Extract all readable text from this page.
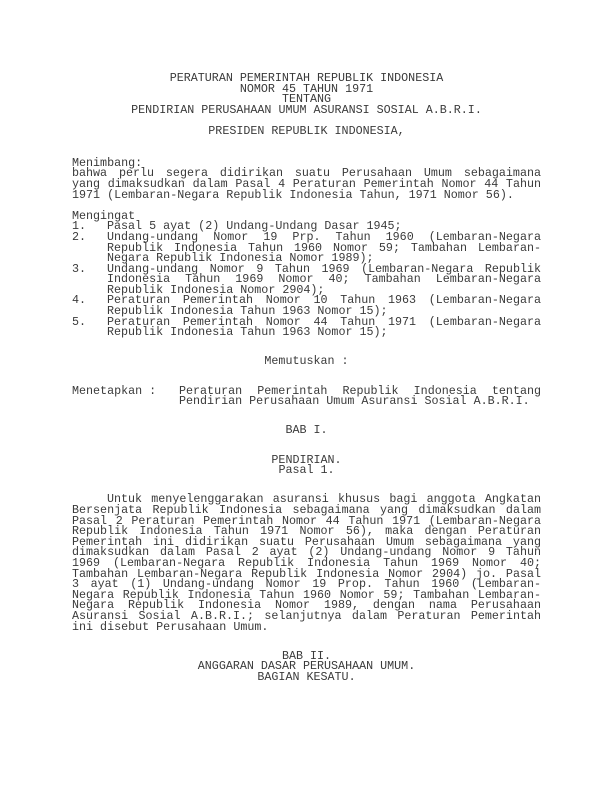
PERATURAN PEMERINTAH REPUBLIK INDONESIA
NOMOR 45 TAHUN 1971
TENTANG
PENDIRIAN PERUSAHAAN UMUM ASURANSI SOSIAL A.B.R.I.
PRESIDEN REPUBLIK INDONESIA,
Menimbang:
bahwa perlu segera didirikan suatu Perusahaan Umum sebagaimana
yang dimaksudkan dalam Pasal 4 Peraturan Pemerintah Nomor 44 Tahun
1971 (Lembaran-Negara Republik Indonesia Tahun, 1971 Nomor 56).
Mengingat
1.	Pasal 5 ayat (2) Undang-Undang Dasar 1945;
2.	Undang-undang Nomor 19 Prp. Tahun 1960 (Lembaran-Negara
Republik Indonesia Tahun 1960 Nomor 59; Tambahan Lembaran-
Negara Republik Indonesia Nomor 1989);
3.	Undang-undang Nomor 9 Tahun 1969 (Lembaran-Negara Republik
Indonesia Tahun 1969 Nomor 40; Tambahan Lembaran-Negara
Republik Indonesia Nomor 2904);
4.	Peraturan Pemerintah Nomor 10 Tahun 1963 (Lembaran-Negara
Republik Indonesia Tahun 1963 Nomor 15);
5.	Peraturan Pemerintah Nomor 44 Tahun 1971 (Lembaran-Negara
Republik Indonesia Tahun 1963 Nomor 15);
Memutuskan :
Menetapkan :	Peraturan Pemerintah Republik Indonesia tentang
Pendirian Perusahaan Umum Asuransi Sosial A.B.R.I.
BAB I.
PENDIRIAN.
Pasal 1.
Untuk menyelenggarakan asuransi khusus bagi anggota Angkatan
Bersenjata Republik Indonesia sebagaimana yang dimaksudkan dalam
Pasal 2 Peraturan Pemerintah Nomor 44 Tahun 1971 (Lembaran-Negara
Republik Indonesia Tahun 1971 Nomor 56), maka dengan Peraturan
Pemerintah ini didirikan suatu Perusahaan Umum sebagaimana yang
dimaksudkan dalam Pasal 2 ayat (2) Undang-undang Nomor 9 Tahun
1969 (Lembaran-Negara Republik Indonesia Tahun 1969 Nomor 40;
Tambahan Lembaran-Negara Republik Indonesia Nomor 2904) jo. Pasal
3 ayat (1) Undang-undang Nomor 19 Prop. Tahun 1960 (Lembaran-
Negara Republik Indonesia Tahun 1960 Nomor 59; Tambahan Lembaran-
Negara Republik Indonesia Nomor 1989, dengan nama Perusahaan
Asuransi Sosial A.B.R.I.; selanjutnya dalam Peraturan Pemerintah
ini disebut Perusahaan Umum.
BAB II.
ANGGARAN DASAR PERUSAHAAN UMUM.
BAGIAN KESATU.
